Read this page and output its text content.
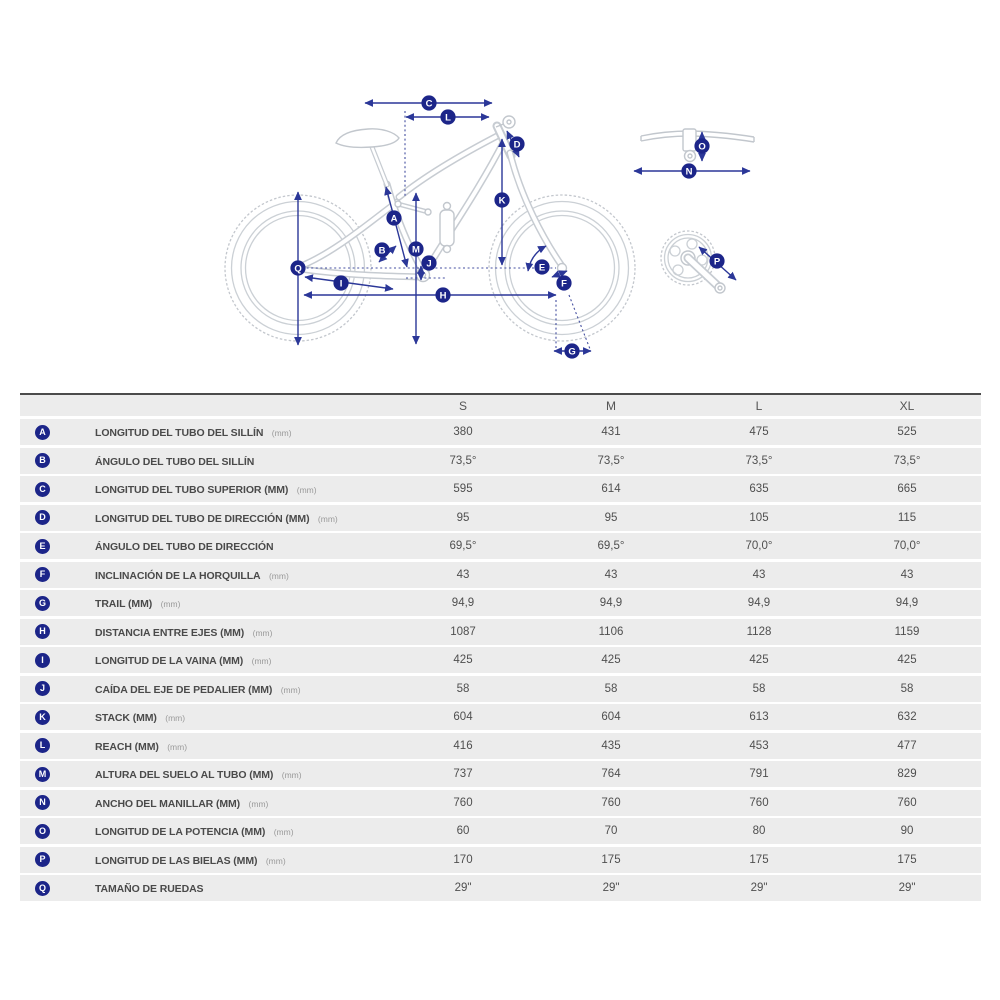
A
B
C
D
E
F
G
H
I
J
K
L
M
N
O
P
Q
S	M	L	XL
A	LONGITUD DEL TUBO DEL SILLÍN (mm)	380	431	475	525
B	ÁNGULO DEL TUBO DEL SILLÍN	73,5°	73,5°	73,5°	73,5°
C	LONGITUD DEL TUBO SUPERIOR (MM) (mm)	595	614	635	665
D	LONGITUD DEL TUBO DE DIRECCIÓN (MM) (mm)	95	95	105	115
E	ÁNGULO DEL TUBO DE DIRECCIÓN	69,5°	69,5°	70,0°	70,0°
F	INCLINACIÓN DE LA HORQUILLA (mm)	43	43	43	43
G	TRAIL (MM) (mm)	94,9	94,9	94,9	94,9
H	DISTANCIA ENTRE EJES (MM) (mm)	1087	1106	1128	1159
I	LONGITUD DE LA VAINA (MM) (mm)	425	425	425	425
J	CAÍDA DEL EJE DE PEDALIER (MM) (mm)	58	58	58	58
K	STACK (MM) (mm)	604	604	613	632
L	REACH (MM) (mm)	416	435	453	477
M	ALTURA DEL SUELO AL TUBO (MM) (mm)	737	764	791	829
N	ANCHO DEL MANILLAR (MM) (mm)	760	760	760	760
O	LONGITUD DE LA POTENCIA (MM) (mm)	60	70	80	90
P	LONGITUD DE LAS BIELAS (MM) (mm)	170	175	175	175
Q	TAMAÑO DE RUEDAS	29"	29"	29"	29"
